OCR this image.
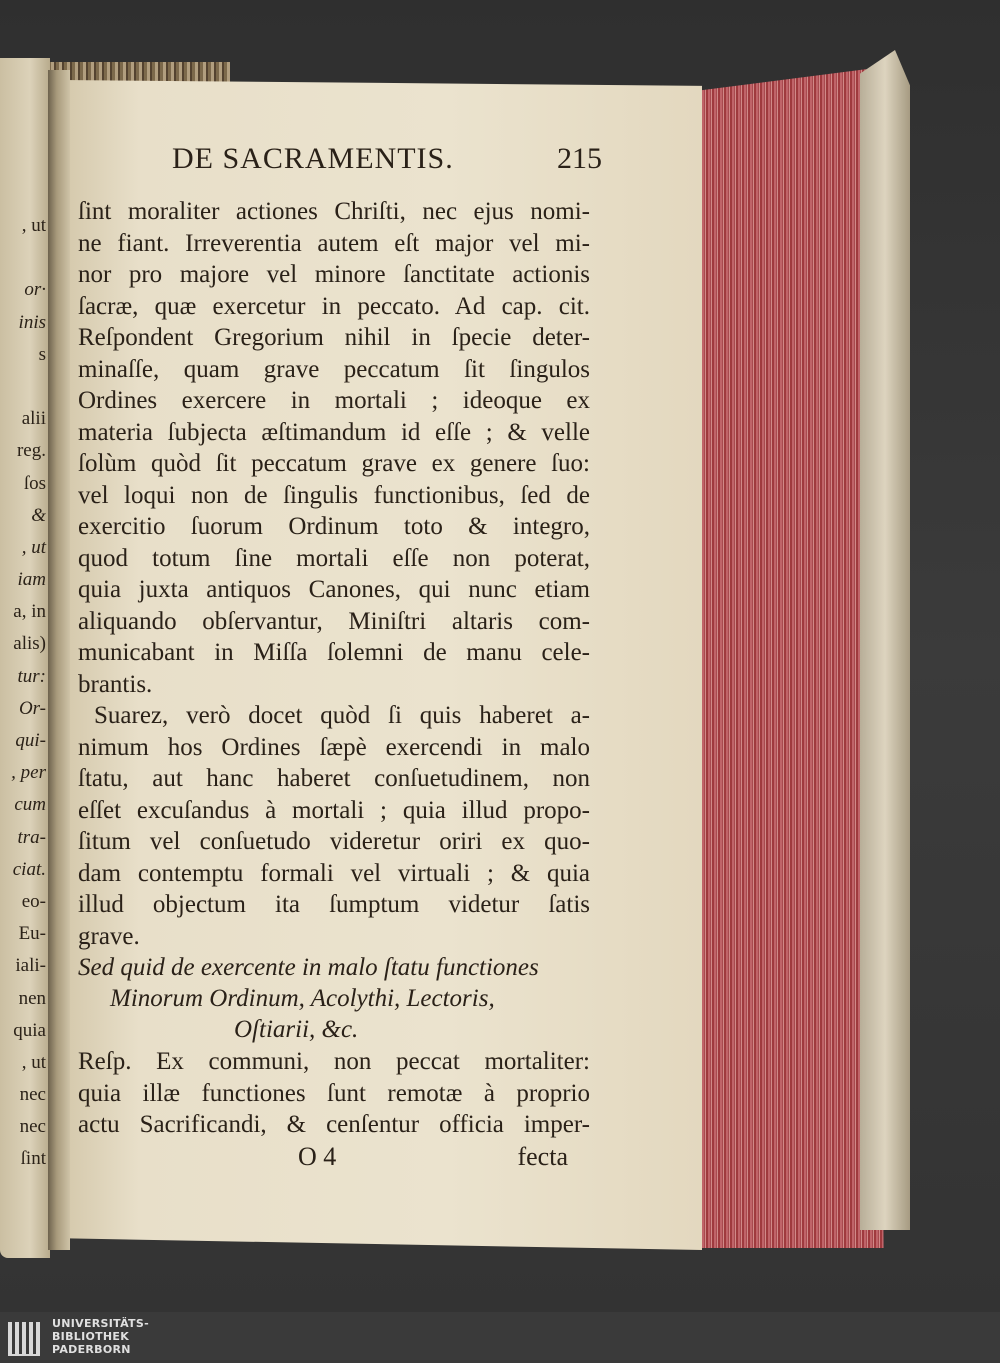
, ut
or·
inis
s
alii
reg.
ſos
&
, ut
iam
a, in
alis)
tur:
Or-
qui-
, per
cum
tra-
ciat.
eo-
Eu-
iali-
nen
quia
, ut
nec
nec
ſint
DE SACRAMENTIS.	215
ſint moraliter actiones Chriſti, nec ejus nomi-
ne fiant. Irreverentia autem eſt major vel mi-
nor pro majore vel minore ſanctitate actionis
ſacræ, quæ exercetur in peccato. Ad cap. cit.
Reſpondent Gregorium nihil in ſpecie deter-
minaſſe, quam grave peccatum ſit ſingulos
Ordines exercere in mortali ; ideoque ex
materia ſubjecta æſtimandum id eſſe ; & velle
ſolùm quòd ſit peccatum grave ex genere ſuo:
vel loqui non de ſingulis functionibus, ſed de
exercitio ſuorum Ordinum toto & integro,
quod totum ſine mortali eſſe non poterat,
quia juxta antiquos Canones, qui nunc etiam
aliquando obſervantur, Miniſtri altaris com-
municabant in Miſſa ſolemni de manu cele-
brantis.
Suarez, verò docet quòd ſi quis haberet a-
nimum hos Ordines ſæpè exercendi in malo
ſtatu, aut hanc haberet conſuetudinem, non
eſſet excuſandus à mortali ; quia illud propo-
ſitum vel conſuetudo videretur oriri ex quo-
dam contemptu formali vel virtuali ; & quia
illud objectum ita ſumptum videtur ſatis
grave.
Sed quid de exercente in malo ſtatu functiones
Minorum Ordinum, Acolythi, Lectoris,
Oſtiarii, &c.
Reſp. Ex communi, non peccat mortaliter:
quia illæ functiones ſunt remotæ à proprio
actu Sacrificandi, & cenſentur officia imper-
O 4	fecta
UNIVERSITÄTS-
BIBLIOTHEK
PADERBORN
